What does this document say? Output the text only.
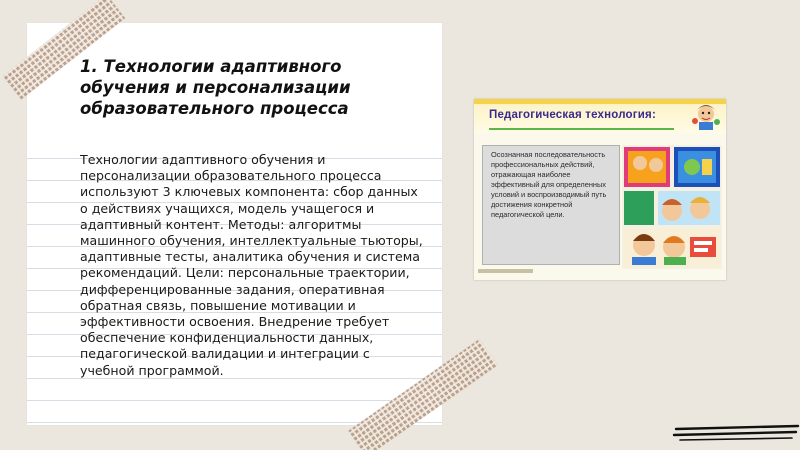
1. Технологии адаптивного обучения и персонализации образовательного процесса

Технологии адаптивного обучения и персонализации образовательного процесса используют 3 ключевых компонента: сбор данных о действиях учащихся, модель учащегося и адаптивный контент. Методы: алгоритмы машинного обучения, интеллектуальные тьюторы, адаптивные тесты, аналитика обучения и система рекомендаций. Цели: персональные траектории, дифференцированные задания, оперативная обратная связь, повышение мотивации и эффективности освоения. Внедрение требует обеспечение конфиденциальности данных, педагогической валидации и интеграции с учебной программой.

Педагогическая технология:

Осознанная последовательность профессиональных действий, отражающая наиболее эффективный для определенных условий и воспроизводимый путь достижения конкретной педагогической цели.
